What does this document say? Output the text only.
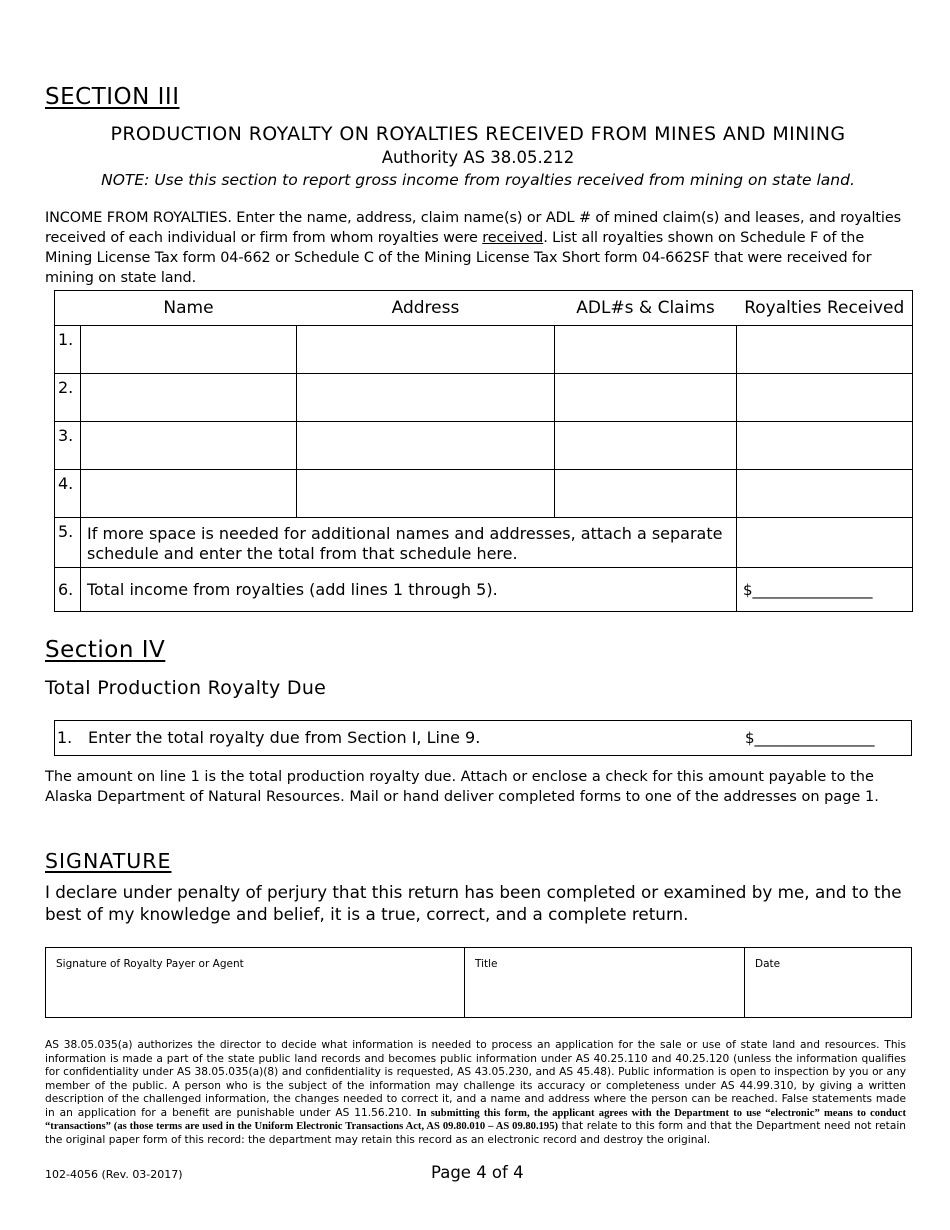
SECTION III
PRODUCTION ROYALTY ON ROYALTIES RECEIVED FROM MINES AND MINING
Authority AS 38.05.212
NOTE: Use this section to report gross income from royalties received from mining on state land.
INCOME FROM ROYALTIES. Enter the name, address, claim name(s) or ADL # of mined claim(s) and leases, and royalties received of each individual or firm from whom royalties were received. List all royalties shown on Schedule F of the Mining License Tax form 04-662 or Schedule C of the Mining License Tax Short form 04-662SF that were received for mining on state land.
	Name	Address	ADL#s & Claims	Royalties Received
1.				
2.				
3.				
4.				
5.	If more space is needed for additional names and addresses, attach a separate schedule and enter the total from that schedule here.			
6.	Total income from royalties (add lines 1 through 5).			$________________
Section IV
Total Production Royalty Due
1. Enter the total royalty due from Section I, Line 9.	$________________
The amount on line 1 is the total production royalty due. Attach or enclose a check for this amount payable to the Alaska Department of Natural Resources. Mail or hand deliver completed forms to one of the addresses on page 1.
SIGNATURE
I declare under penalty of perjury that this return has been completed or examined by me, and to the best of my knowledge and belief, it is a true, correct, and a complete return.
Signature of Royalty Payer or Agent	Title	Date
AS 38.05.035(a) authorizes the director to decide what information is needed to process an application for the sale or use of state land and resources. This information is made a part of the state public land records and becomes public information under AS 40.25.110 and 40.25.120 (unless the information qualifies for confidentiality under AS 38.05.035(a)(8) and confidentiality is requested, AS 43.05.230, and AS 45.48). Public information is open to inspection by you or any member of the public. A person who is the subject of the information may challenge its accuracy or completeness under AS 44.99.310, by giving a written description of the challenged information, the changes needed to correct it, and a name and address where the person can be reached. False statements made in an application for a benefit are punishable under AS 11.56.210. In submitting this form, the applicant agrees with the Department to use “electronic” means to conduct “transactions” (as those terms are used in the Uniform Electronic Transactions Act, AS 09.80.010 – AS 09.80.195) that relate to this form and that the Department need not retain the original paper form of this record: the department may retain this record as an electronic record and destroy the original.
102-4056 (Rev. 03-2017)	Page 4 of 4
